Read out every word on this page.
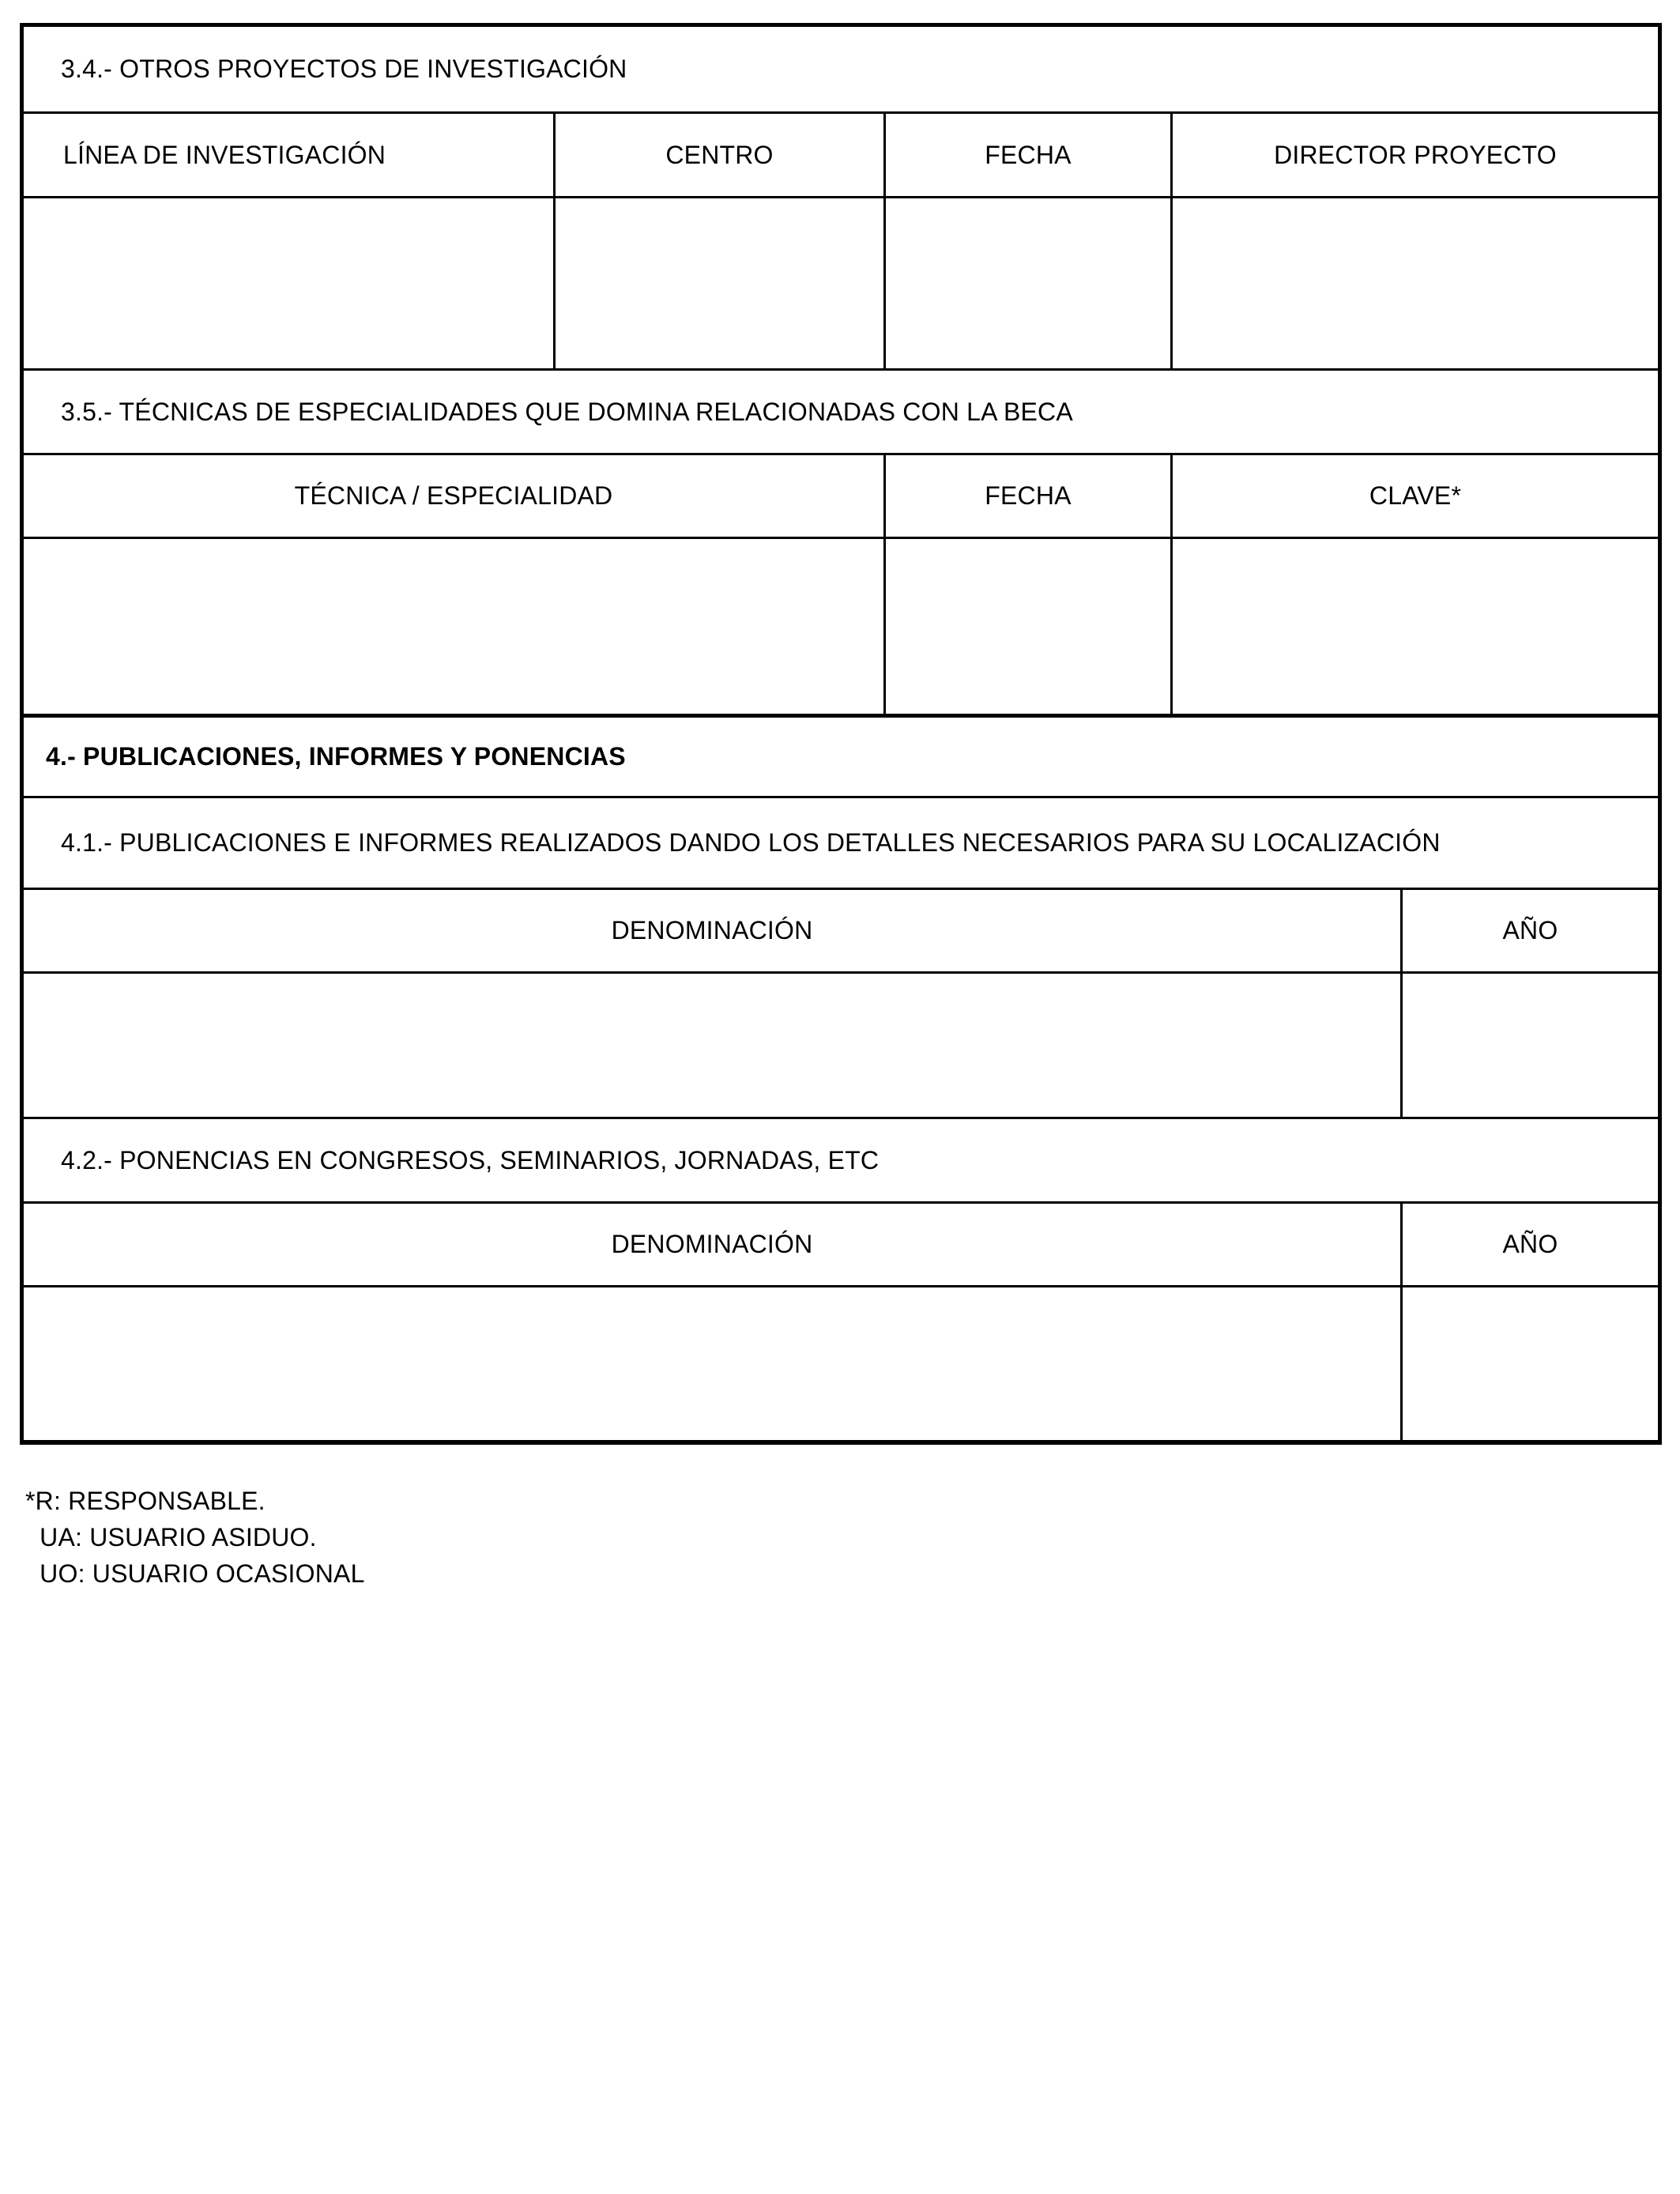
3.4.- OTROS PROYECTOS DE INVESTIGACIÓN
LÍNEA DE INVESTIGACIÓN	CENTRO	FECHA	DIRECTOR PROYECTO
3.5.- TÉCNICAS DE ESPECIALIDADES QUE DOMINA RELACIONADAS CON LA BECA
TÉCNICA / ESPECIALIDAD	FECHA	CLAVE*
4.- PUBLICACIONES, INFORMES Y PONENCIAS
4.1.- PUBLICACIONES E INFORMES REALIZADOS DANDO LOS DETALLES NECESARIOS PARA SU LOCALIZACIÓN
DENOMINACIÓN	AÑO
4.2.- PONENCIAS EN CONGRESOS, SEMINARIOS, JORNADAS, ETC
DENOMINACIÓN	AÑO
*R: RESPONSABLE.
UA: USUARIO ASIDUO.
UO: USUARIO OCASIONAL
